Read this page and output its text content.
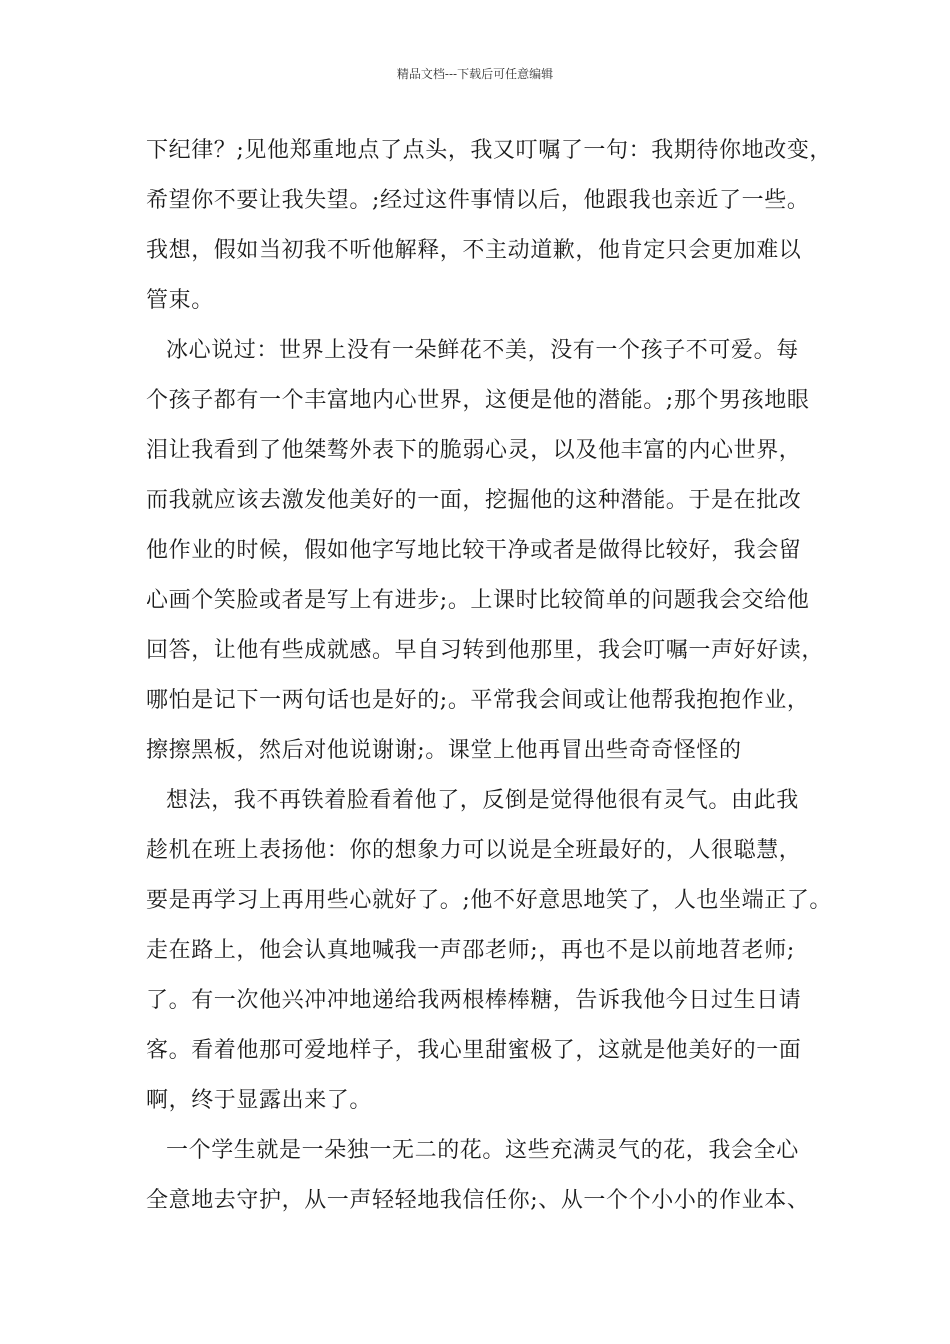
精品文档---下载后可任意编辑
下纪律？;见他郑重地点了点头，我又叮嘱了一句：我期待你地改变，
希望你不要让我失望。;经过这件事情以后，他跟我也亲近了一些。
我想，假如当初我不听他解释，不主动道歉，他肯定只会更加难以
管束。
冰心说过：世界上没有一朵鲜花不美，没有一个孩子不可爱。每
个孩子都有一个丰富地内心世界，这便是他的潜能。;那个男孩地眼
泪让我看到了他桀骜外表下的脆弱心灵，以及他丰富的内心世界，
而我就应该去激发他美好的一面，挖掘他的这种潜能。于是在批改
他作业的时候，假如他字写地比较干净或者是做得比较好，我会留
心画个笑脸或者是写上有进步;。上课时比较简单的问题我会交给他
回答，让他有些成就感。早自习转到他那里，我会叮嘱一声好好读，
哪怕是记下一两句话也是好的;。平常我会间或让他帮我抱抱作业，
擦擦黑板，然后对他说谢谢;。课堂上他再冒出些奇奇怪怪的
想法，我不再铁着脸看着他了，反倒是觉得他很有灵气。由此我
趁机在班上表扬他：你的想象力可以说是全班最好的，人很聪慧，
要是再学习上再用些心就好了。;他不好意思地笑了，人也坐端正了。
走在路上，他会认真地喊我一声邵老师;，再也不是以前地苕老师;
了。有一次他兴冲冲地递给我两根棒棒糖，告诉我他今日过生日请
客。看着他那可爱地样子，我心里甜蜜极了，这就是他美好的一面
啊，终于显露出来了。
一个学生就是一朵独一无二的花。这些充满灵气的花，我会全心
全意地去守护，从一声轻轻地我信任你;、从一个个小小的作业本、
